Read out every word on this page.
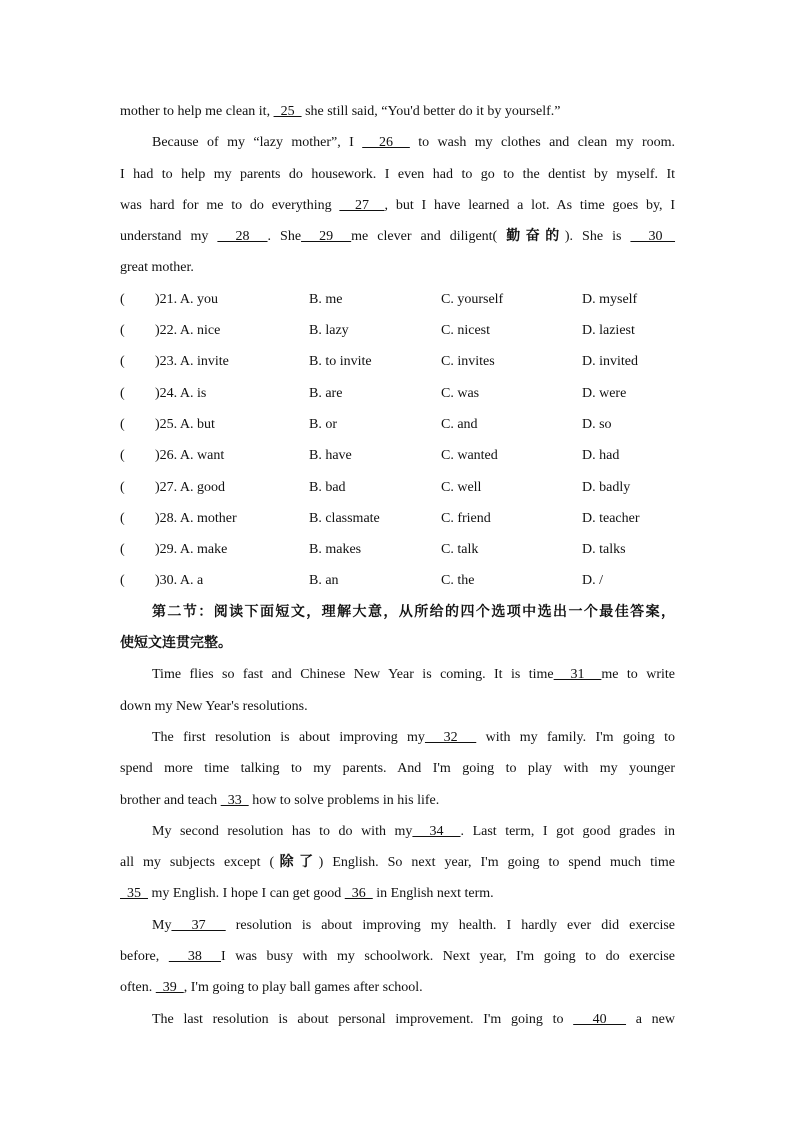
mother to help me clean it,   25   she still said, “You'd better do it by yourself.”
Because of my “lazy mother”, I   26   to wash my clothes and clean my room.
I had to help my parents do housework. I even had to go to the dentist by myself. It
was hard for me to do everything   27  , but I have learned a lot. As time goes by, I
understand my   28  . She  29  me clever and diligent( 勤奋的). She is   30
great mother.
( )21. A. you	B. me	C. yourself	D. myself
( )22. A. nice	B. lazy	C. nicest	D. laziest
( )23. A. invite	B. to invite	C. invites	D. invited
( )24. A. is	B. are	C. was	D. were
( )25. A. but	B. or	C. and	D. so
( )26. A. want	B. have	C. wanted	D. had
( )27. A. good	B. bad	C. well	D. badly
( )28. A. mother	B. classmate	C. friend	D. teacher
( )29. A. make	B. makes	C. talk	D. talks
( )30. A. a	B. an	C. the	D. /
第二节：阅读下面短文，理解大意，从所给的四个选项中选出一个最佳答案，
使短文连贯完整。
Time flies so fast and Chinese New Year is coming. It is time  31  me to write
down my New Year's resolutions.
The first resolution is about improving my  32   with my family. I'm going to
spend more time talking to my parents. And I'm going to play with my younger
brother and teach   33   how to solve problems in his life.
My second resolution has to do with my  34  . Last term, I got good grades in
all my subjects except (除了) English. So next year, I'm going to spend much time
35   my English. I hope I can get good   36   in English next term.
My  37   resolution is about improving my health. I hardly ever did exercise
before,   38  I was busy with my schoolwork. Next year, I'm going to do exercise
often.   39  , I'm going to play ball games after school.
The last resolution is about personal improvement. I'm going to   40   a new
